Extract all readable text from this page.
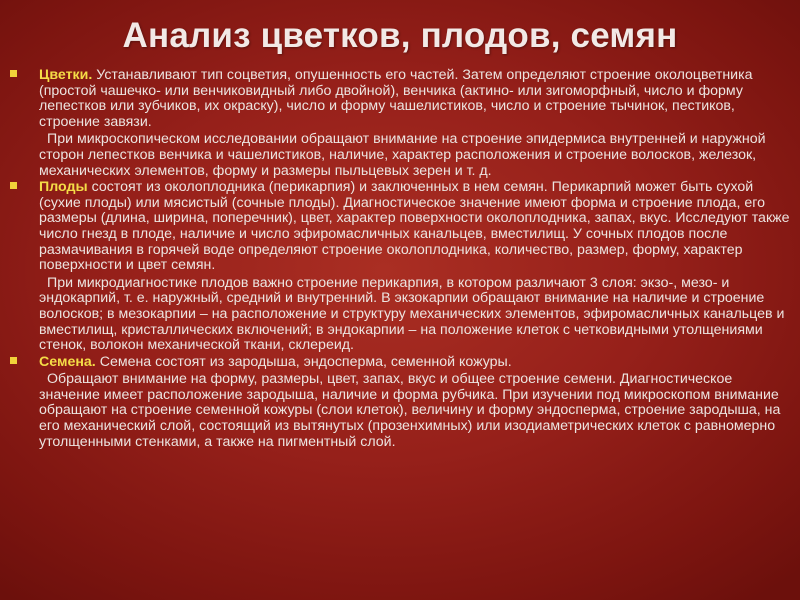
Анализ цветков, плодов, семян
Цветки. Устанавливают тип соцветия, опушенность его частей. Затем определяют строение околоцветника (простой чашечко- или венчиковидный либо двойной), венчика (актино- или зигоморфный, число и форму лепестков или зубчиков, их окраску), число и форму чашелистиков, число и строение тычинок, пестиков, строение завязи.
При микроскопическом исследовании обращают внимание на строение эпидермиса внутренней и наружной сторон лепестков венчика и чашелистиков, наличие, характер расположения и строение волосков, железок, механических элементов, форму и размеры пыльцевых зерен и т. д.
Плоды состоят из околоплодника (перикарпия) и заключенных в нем семян. Перикарпий может быть сухой (сухие плоды) или мясистый (сочные плоды). Диагностическое значение имеют форма и строение плода, его размеры (длина, ширина, поперечник), цвет, характер поверхности околоплодника, запах, вкус. Исследуют также число гнезд в плоде, наличие и число эфиромасличных канальцев, вместилищ. У сочных плодов после размачивания в горячей воде определяют строение околоплодника, количество, размер, форму, характер поверхности и цвет семян.
При микродиагностике плодов важно строение перикарпия, в котором различают 3 слоя: экзо-, мезо- и эндокарпий, т. е. наружный, средний и внутренний. В экзокарпии обращают внимание на наличие и строение волосков; в мезокарпии – на расположение и структуру механических элементов, эфиромасличных канальцев и вместилищ, кристаллических включений; в эндокарпии – на положение клеток с четковидными утолщениями стенок, волокон механической ткани, склереид.
Семена. Семена состоят из зародыша, эндосперма, семенной кожуры.
Обращают внимание на форму, размеры, цвет, запах, вкус и общее строение семени. Диагностическое значение имеет расположение зародыша, наличие и форма рубчика. При изучении под микроскопом внимание обращают на строение семенной кожуры (слои клеток), величину и форму эндосперма, строение зародыша, на его механический слой, состоящий из вытянутых (прозенхимных) или изодиаметрических клеток с равномерно утолщенными стенками, а также на пигментный слой.
